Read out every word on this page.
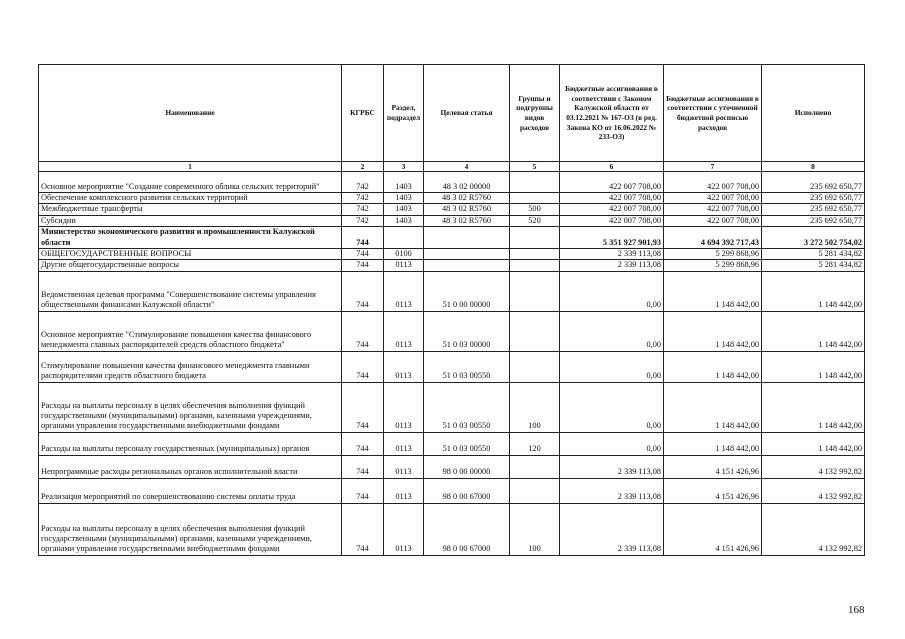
Наименование	КГРБС	Раздел, подраздел	Целевая статья	Группы и подгруппы видов расходов	Бюджетные ассигнования в соответствии с Законом Калужской области от 03.12.2021 № 167-ОЗ (в ред. Закона КО от 16.06.2022 № 233-ОЗ)	Бюджетные ассигнования в соответствии с уточненной бюджетной росписью расходов	Исполнено
1	2	3	4	5	6	7	8
Основное мероприятие "Создание современного облика сельских территорий"	742	1403	48 3 02 00000		422 007 708,00	422 007 708,00	235 692 650,77
Обеспечение комплексного развития сельских территорий	742	1403	48 3 02 R5760		422 007 708,00	422 007 708,00	235 692 650,77
Межбюджетные трансферты	742	1403	48 3 02 R5760	500	422 007 708,00	422 007 708,00	235 692 650,77
Субсидии	742	1403	48 3 02 R5760	520	422 007 708,00	422 007 708,00	235 692 650,77
Министерство экономического развития и промышленности Калужской области	744				5 351 927 901,93	4 694 392 717,43	3 272 502 754,02
ОБЩЕГОСУДАРСТВЕННЫЕ ВОПРОСЫ	744	0100			2 339 113,08	5 299 868,96	5 281 434,82
Другие общегосударственные вопросы	744	0113			2 339 113,08	5 299 868,96	5 281 434,82
Ведомственная целевая программа "Совершенствование системы управления общественными финансами Калужской области"	744	0113	51 0 00 00000		0,00	1 148 442,00	1 148 442,00
Основное мероприятие "Стимулирование повышения качества финансового менеджмента главных распорядителей средств областного бюджета"	744	0113	51 0 03 00000		0,00	1 148 442,00	1 148 442,00
Стимулирование повышения качества финансового менеджмента главными распорядителями средств областного бюджета	744	0113	51 0 03 00550		0,00	1 148 442,00	1 148 442,00
Расходы на выплаты персоналу в целях обеспечения выполнения функций государственными (муниципальными) органами, казенными учреждениями, органами управления государственными внебюджетными фондами	744	0113	51 0 03 00550	100	0,00	1 148 442,00	1 148 442,00
Расходы на выплаты персоналу государственных (муниципальных) органов	744	0113	51 0 03 00550	120	0,00	1 148 442,00	1 148 442,00
Непрограммные расходы региональных органов исполнительной власти	744	0113	98 0 00 00000		2 339 113,08	4 151 426,96	4 132 992,82
Реализация мероприятий по совершенствованию системы оплаты труда	744	0113	98 0 00 67000		2 339 113,08	4 151 426,96	4 132 992,82
Расходы на выплаты персоналу в целях обеспечения выполнения функций государственными (муниципальными) органами, казенными учреждениями, органами управления государственными внебюджетными фондами	744	0113	98 0 00 67000	100	2 339 113,08	4 151 426,96	4 132 992,82
168
